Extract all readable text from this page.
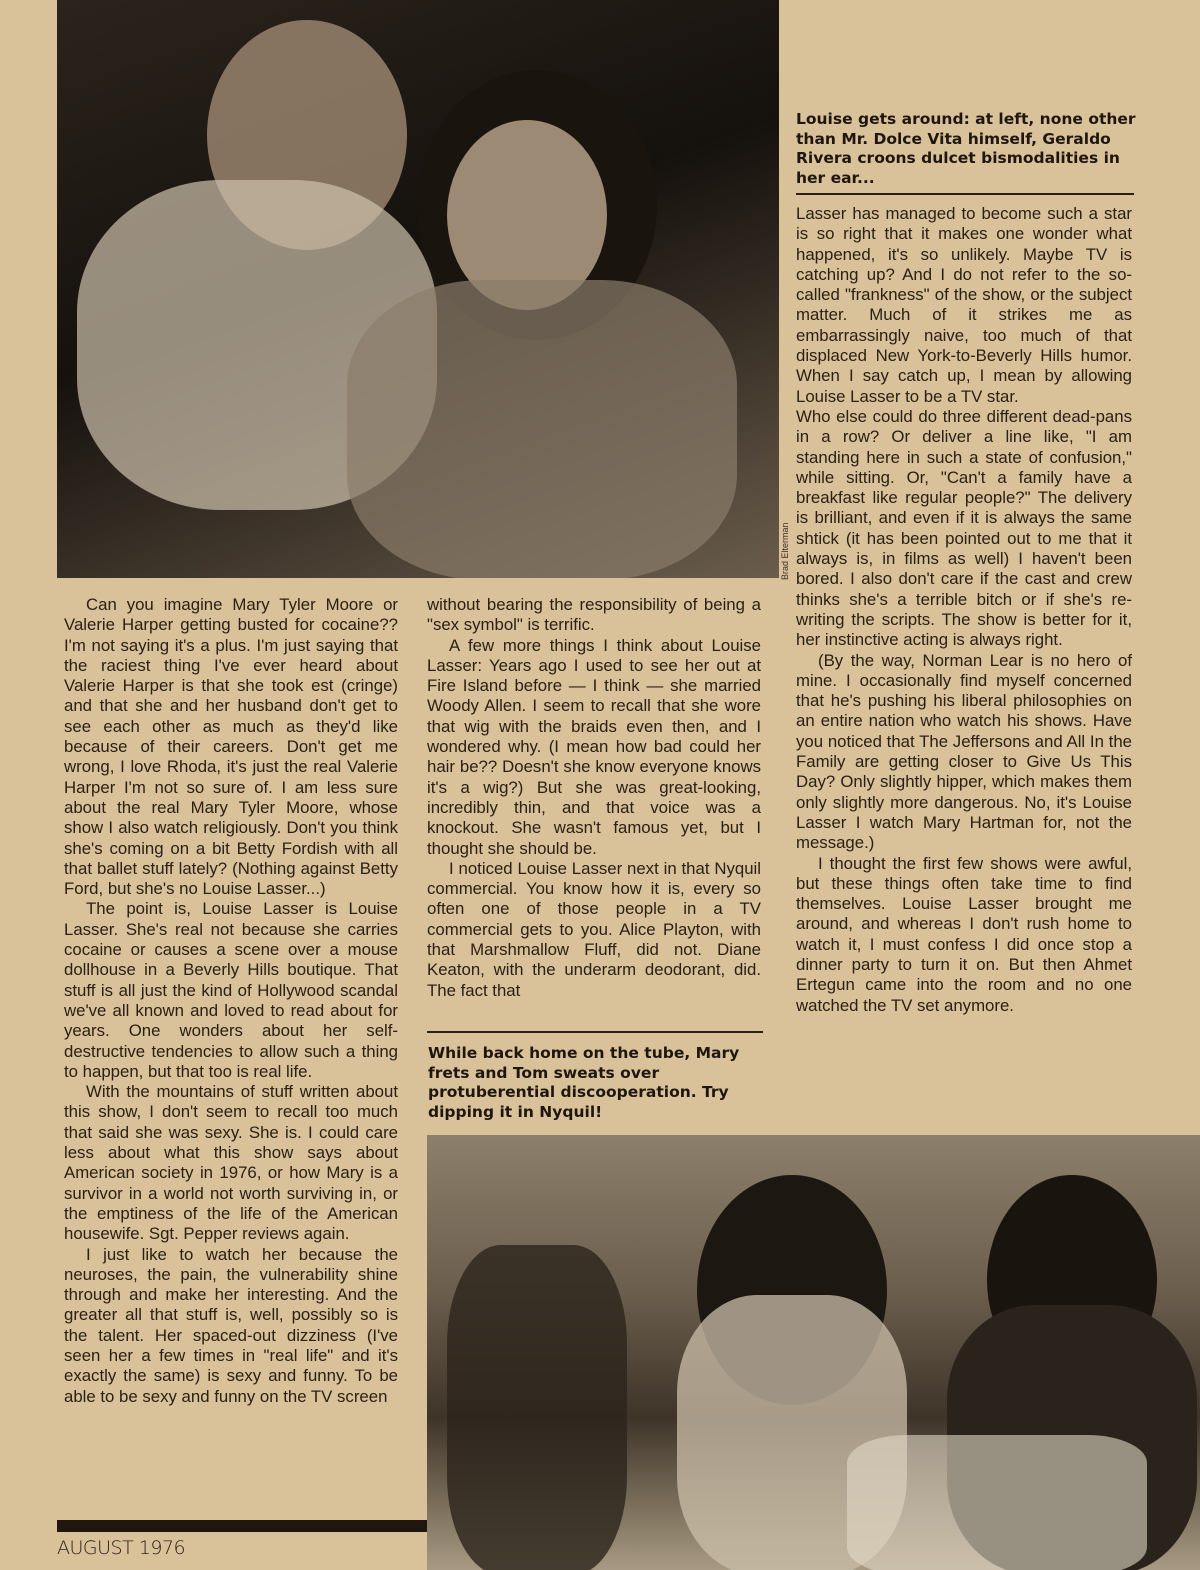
Brad Elterman
Louise gets around: at left, none other than Mr. Dolce Vita himself, Geraldo Rivera croons dulcet bismodalities in her ear...

Can you imagine Mary Tyler Moore or Valerie Harper getting busted for cocaine?? I'm not saying it's a plus. I'm just saying that the raciest thing I've ever heard about Valerie Harper is that she took est (cringe) and that she and her husband don't get to see each other as much as they'd like because of their careers. Don't get me wrong, I love Rhoda, it's just the real Valerie Harper I'm not so sure of. I am less sure about the real Mary Tyler Moore, whose show I also watch religiously. Don't you think she's coming on a bit Betty Fordish with all that ballet stuff lately? (Nothing against Betty Ford, but she's no Louise Lasser...)

The point is, Louise Lasser is Louise Lasser. She's real not because she carries cocaine or causes a scene over a mouse dollhouse in a Beverly Hills boutique. That stuff is all just the kind of Hollywood scandal we've all known and loved to read about for years. One wonders about her self-destructive tendencies to allow such a thing to happen, but that too is real life.

With the mountains of stuff written about this show, I don't seem to recall too much that said she was sexy. She is. I could care less about what this show says about American society in 1976, or how Mary is a survivor in a world not worth surviving in, or the emptiness of the life of the American housewife. Sgt. Pepper reviews again.

I just like to watch her because the neuroses, the pain, the vulnerability shine through and make her interesting. And the greater all that stuff is, well, possibly so is the talent. Her spaced-out dizziness (I've seen her a few times in "real life" and it's exactly the same) is sexy and funny. To be able to be sexy and funny on the TV screen

without bearing the responsibility of being a "sex symbol" is terrific.

A few more things I think about Louise Lasser: Years ago I used to see her out at Fire Island before — I think — she married Woody Allen. I seem to recall that she wore that wig with the braids even then, and I wondered why. (I mean how bad could her hair be?? Doesn't she know everyone knows it's a wig?) But she was great-looking, incredibly thin, and that voice was a knockout. She wasn't famous yet, but I thought she should be.

I noticed Louise Lasser next in that Nyquil commercial. You know how it is, every so often one of those people in a TV commercial gets to you. Alice Playton, with that Marshmallow Fluff, did not. Diane Keaton, with the underarm deodorant, did. The fact that

While back home on the tube, Mary frets and Tom sweats over protuberential discooperation. Try dipping it in Nyquil!

Lasser has managed to become such a star is so right that it makes one wonder what happened, it's so unlikely. Maybe TV is catching up? And I do not refer to the so-called "frankness" of the show, or the subject matter. Much of it strikes me as embarrassingly naive, too much of that displaced New York-to-Beverly Hills humor. When I say catch up, I mean by allowing Louise Lasser to be a TV star.

Who else could do three different dead-pans in a row? Or deliver a line like, "I am standing here in such a state of confusion," while sitting. Or, "Can't a family have a breakfast like regular people?" The delivery is brilliant, and even if it is always the same shtick (it has been pointed out to me that it always is, in films as well) I haven't been bored. I also don't care if the cast and crew thinks she's a terrible bitch or if she's re-writing the scripts. The show is better for it, her instinctive acting is always right.

(By the way, Norman Lear is no hero of mine. I occasionally find myself concerned that he's pushing his liberal philosophies on an entire nation who watch his shows. Have you noticed that The Jeffersons and All In the Family are getting closer to Give Us This Day? Only slightly hipper, which makes them only slightly more dangerous. No, it's Louise Lasser I watch Mary Hartman for, not the message.)

I thought the first few shows were awful, but these things often take time to find themselves. Louise Lasser brought me around, and whereas I don't rush home to watch it, I must confess I did once stop a dinner party to turn it on. But then Ahmet Ertegun came into the room and no one watched the TV set anymore.

AUGUST 1976
